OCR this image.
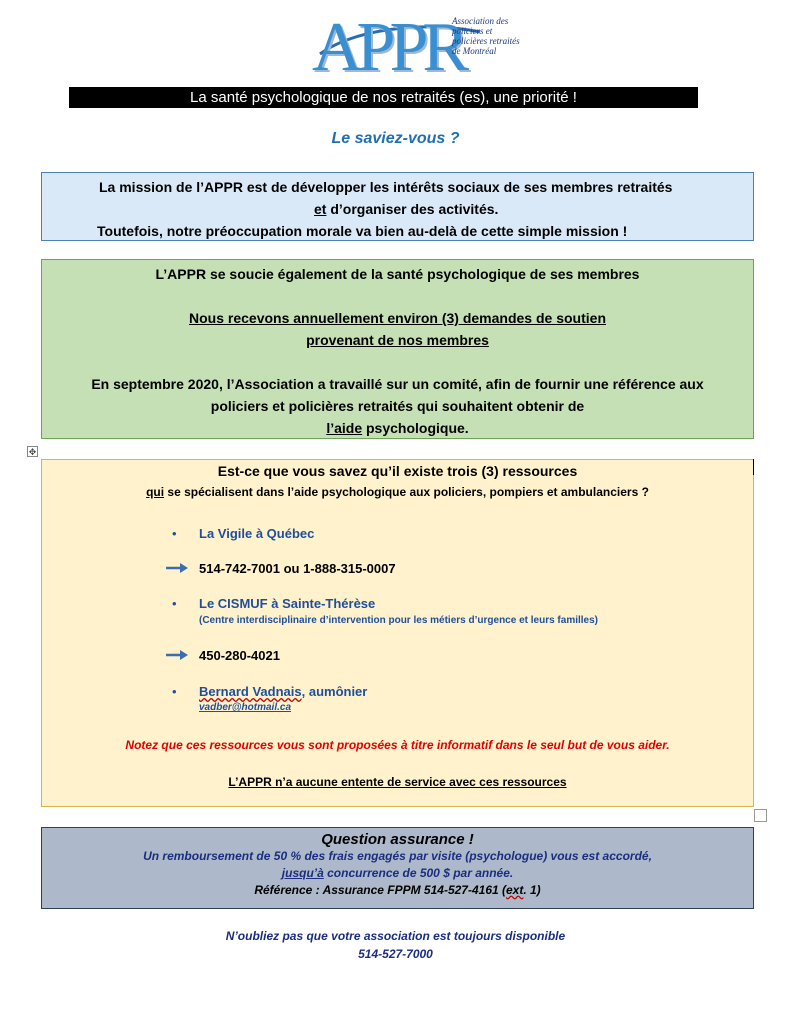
APPR
Association des policiers et policières retraités de Montréal
La santé psychologique de nos retraités (es), une priorité !
Le saviez-vous ?
La mission de l’APPR est de développer les intérêts sociaux de ses membres retraités
et d’organiser des activités.
Toutefois, notre préoccupation morale va bien au-delà de cette simple mission !
L’APPR se soucie également de la santé psychologique de ses membres
Nous recevons annuellement environ (3) demandes de soutien
provenant de nos membres
En septembre 2020, l’Association a travaillé sur un comité, afin de fournir une référence aux
policiers et policières retraités qui souhaitent obtenir de
l’aide psychologique.
✥
Est-ce que vous savez qu’il existe trois (3) ressources
qui se spécialisent dans l’aide psychologique aux policiers, pompiers et ambulanciers ?
• La Vigile à Québec
514-742-7001 ou 1-888-315-0007
• Le CISMUF à Sainte-Thérèse
(Centre interdisciplinaire d’intervention pour les métiers d’urgence et leurs familles)
450-280-4021
• Bernard Vadnais, aumônier
vadber@hotmail.ca
Notez que ces ressources vous sont proposées à titre informatif dans le seul but de vous aider.
L’APPR n’a aucune entente de service avec ces ressources
Question assurance !
Un remboursement de 50 % des frais engagés par visite (psychologue) vous est accordé,
jusqu’à concurrence de 500 $ par année.
Référence : Assurance FPPM 514-527-4161 (ext. 1)
N’oubliez pas que votre association est toujours disponible
514-527-7000
